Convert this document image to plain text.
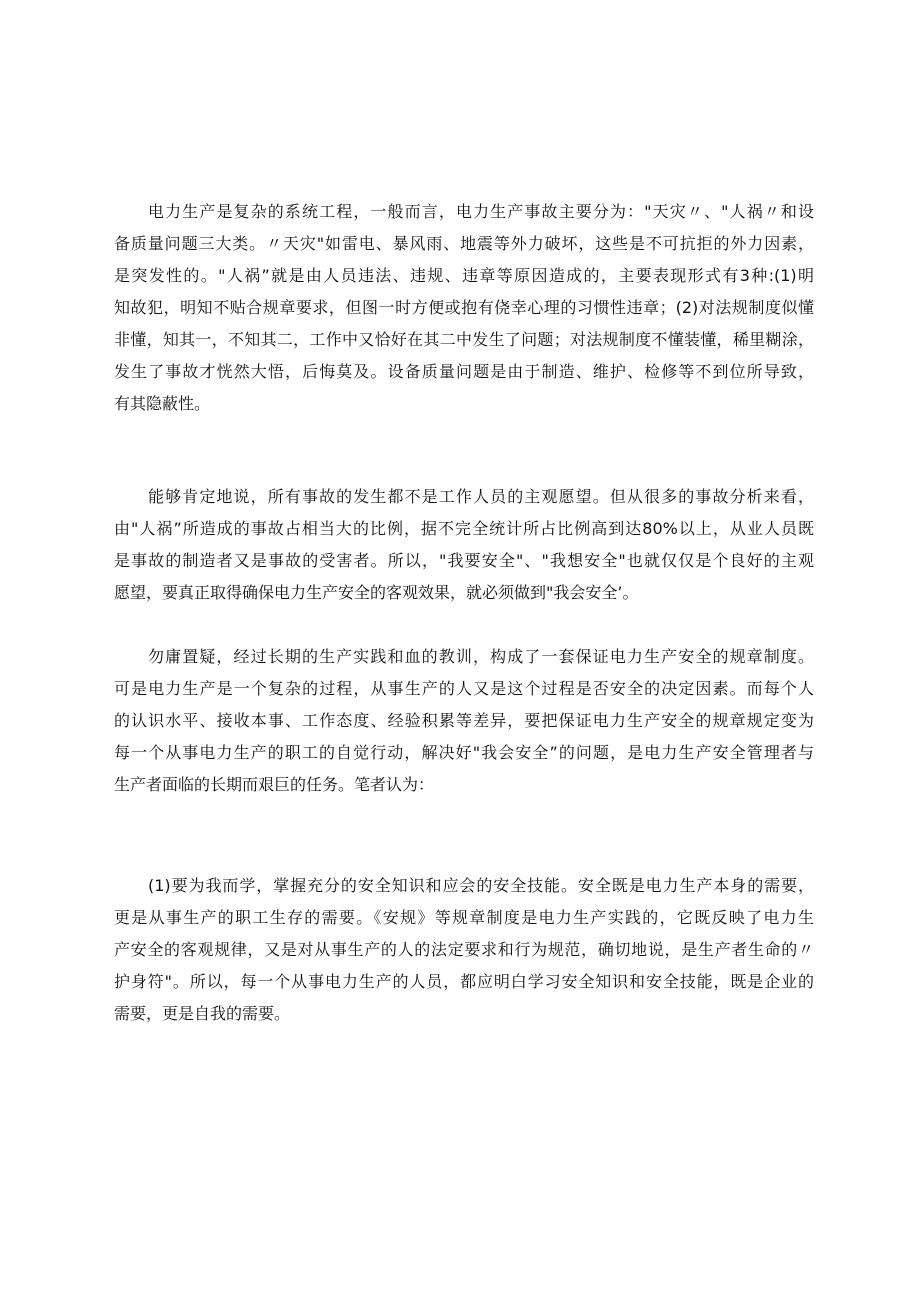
电力生产是复杂的系统工程，一般而言，电力生产事故主要分为："天灾〃、"人祸〃和设
备质量问题三大类。〃天灾"如雷电、暴风雨、地震等外力破坏，这些是不可抗拒的外力因素，
是突发性的。"人祸”就是由人员违法、违规、违章等原因造成的，主要表现形式有3种:(1)明
知故犯，明知不贴合规章要求，但图一时方便或抱有侥幸心理的习惯性违章；(2)对法规制度似懂
非懂，知其一，不知其二，工作中又恰好在其二中发生了问题；对法规制度不懂装懂，稀里糊涂，
发生了事故才恍然大悟，后悔莫及。设备质量问题是由于制造、维护、检修等不到位所导致，
有其隐蔽性。
能够肯定地说，所有事故的发生都不是工作人员的主观愿望。但从很多的事故分析来看，
由"人祸”所造成的事故占相当大的比例，据不完全统计所占比例高到达80%以上，从业人员既
是事故的制造者又是事故的受害者。所以，"我要安全"、"我想安全"也就仅仅是个良好的主观
愿望，要真正取得确保电力生产安全的客观效果，就必须做到"我会安全’。
勿庸置疑，经过长期的生产实践和血的教训，构成了一套保证电力生产安全的规章制度。
可是电力生产是一个复杂的过程，从事生产的人又是这个过程是否安全的决定因素。而每个人
的认识水平、接收本事、工作态度、经验积累等差异，要把保证电力生产安全的规章规定变为
每一个从事电力生产的职工的自觉行动，解决好"我会安全”的问题，是电力生产安全管理者与
生产者面临的长期而艰巨的任务。笔者认为：
(1)要为我而学，掌握充分的安全知识和应会的安全技能。安全既是电力生产本身的需要，
更是从事生产的职工生存的需要。《安规》等规章制度是电力生产实践的，它既反映了电力生
产安全的客观规律，又是对从事生产的人的法定要求和行为规范，确切地说，是生产者生命的〃
护身符"。所以，每一个从事电力生产的人员，都应明白学习安全知识和安全技能，既是企业的
需要，更是自我的需要。
